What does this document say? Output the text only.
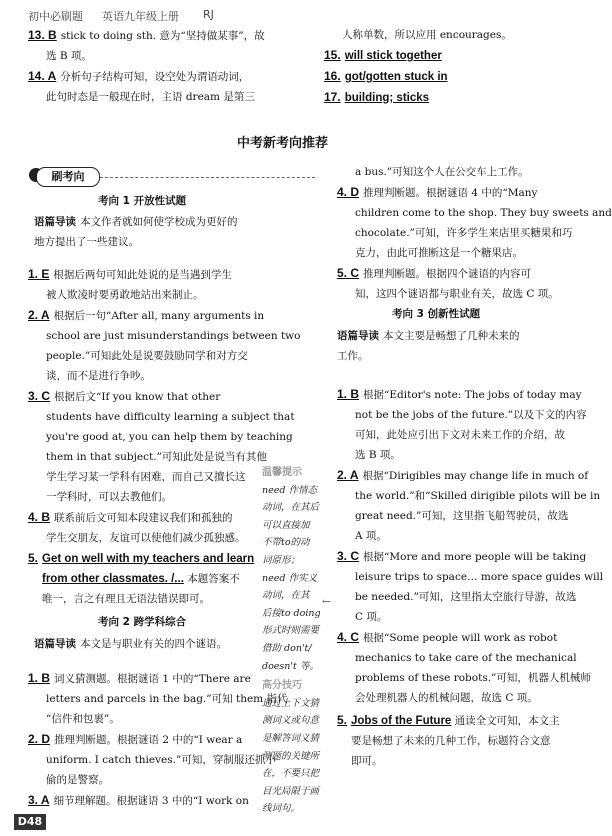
初中必刷题 英语九年级上册 RJ
13. B stick to doing sth. 意为“坚持做某事”，故
选 B 项。
14. A 分析句子结构可知，设空处为谓语动词，
此句时态是一般现在时，主语 dream 是第三
人称单数，所以应用 encourages。
15. will stick together
16. got/gotten stuck in
17. building; sticks
中考新考向推荐
刷考向
考向 1 开放性试题
语篇导读 本文作者就如何使学校成为更好的
地方提出了一些建议。
1. E 根据后两句可知此处说的是当遇到学生
被人欺凌时要勇敢地站出来制止。
2. A 根据后一句“After all, many arguments in
school are just misunderstandings between two
people.”可知此处是说要鼓励同学和对方交
谈，而不是进行争吵。
3. C 根据后文“If you know that other
students have difficulty learning a subject that
you're good at, you can help them by teaching
them in that subject.”可知此处是说当有其他
学生学习某一学科有困难，而自己又擅长这
一学科时，可以去教他们。
4. B 联系前后文可知本段建议我们和孤独的
学生交朋友，友谊可以使他们减少孤独感。
5. Get on well with my teachers and learn
from other classmates. /... 本题答案不
唯一，言之有理且无语法错误即可。
考向 2 跨学科综合
语篇导读 本文是与职业有关的四个谜语。
1. B 词义猜测题。根据谜语 1 中的“There are
letters and parcels in the bag.”可知 them 指代
“信件和包裹”。
2. D 推理判断题。根据谜语 2 中的“I wear a
uniform. I catch thieves.”可知，穿制服还抓小
偷的是警察。
3. A 细节理解题。根据谜语 3 中的“I work on
温馨提示
need 作情态
动词，在其后
可以直接加
不带to的动
词原形；
need 作实义
动词，在其
后接to doing
形式时则需要
借助 don't/
doesn't 等。
高分技巧
通过上下文猜
测词义或句意
是解答词义猜
测题的关键所
在，不要只把
目光局限于画
线词句。
←
a bus.”可知这个人在公交车上工作。
4. D 推理判断题。根据谜语 4 中的“Many
children come to the shop. They buy sweets and
chocolate.”可知，许多学生来店里买糖果和巧
克力，由此可推断这是一个糖果店。
5. C 推理判断题。根据四个谜语的内容可
知，这四个谜语都与职业有关，故选 C 项。
考向 3 创新性试题
语篇导读 本文主要是畅想了几种未来的
工作。
1. B 根据“Editor's note: The jobs of today may
not be the jobs of the future.”以及下文的内容
可知，此处应引出下文对未来工作的介绍，故
选 B 项。
2. A 根据“Dirigibles may change life in much of
the world.”和“Skilled dirigible pilots will be in
great need.”可知，这里指飞船驾驶员，故选
A 项。
3. C 根据“More and more people will be taking
leisure trips to space… more space guides will
be needed.”可知，这里指太空旅行导游，故选
C 项。
4. C 根据“Some people will work as robot
mechanics to take care of the mechanical
problems of these robots.”可知，机器人机械师
会处理机器人的机械问题，故选 C 项。
5. Jobs of the Future 通读全文可知，本文主
要是畅想了未来的几种工作，标题符合文意
即可。
D48
